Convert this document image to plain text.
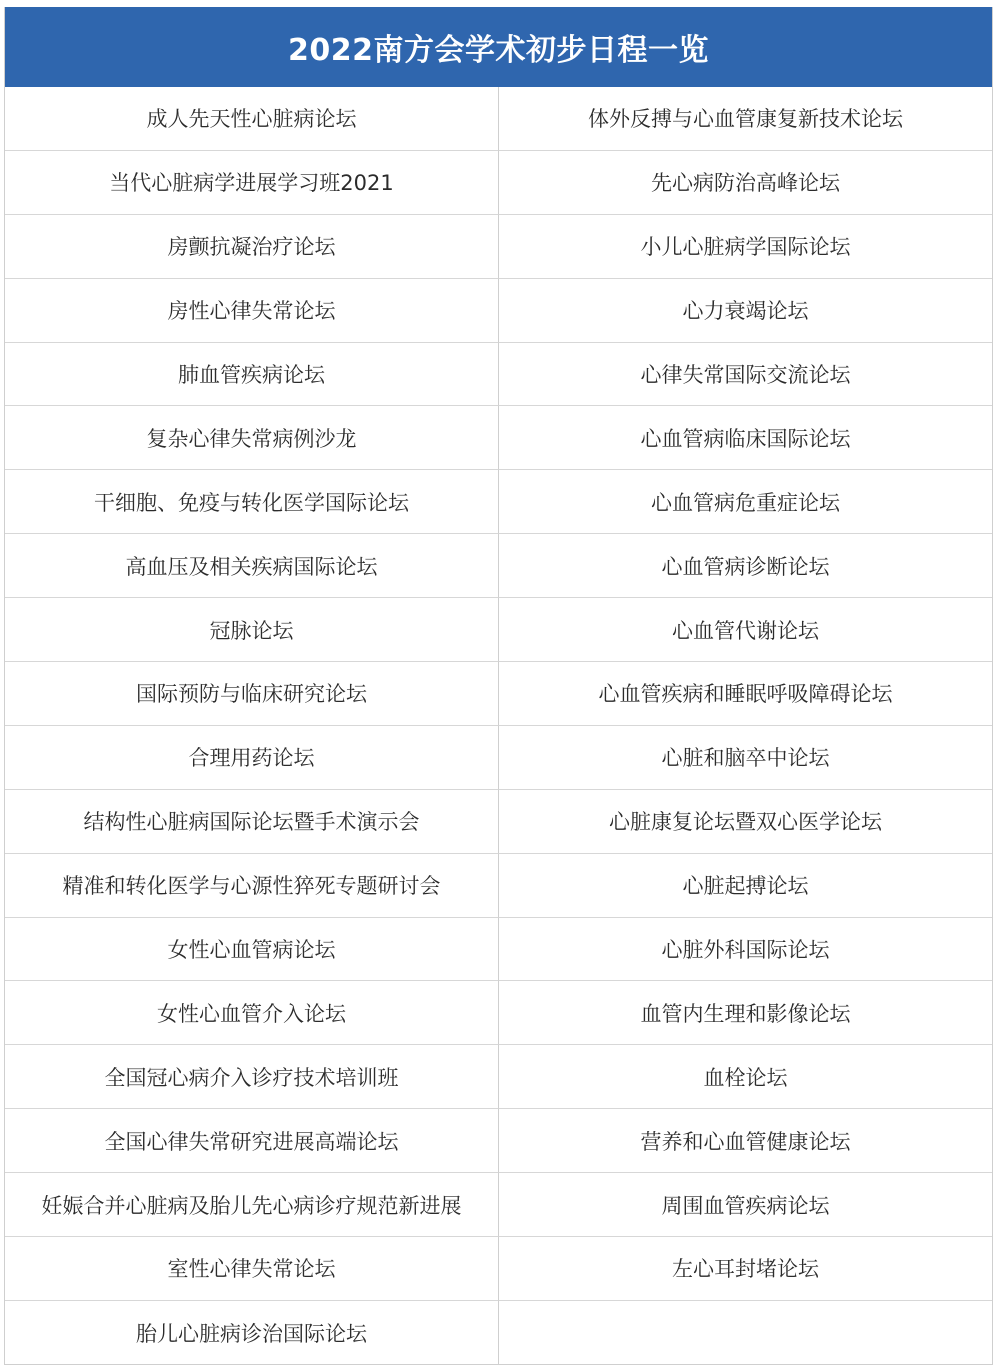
2022南方会学术初步日程一览
成人先天性心脏病论坛	体外反搏与心血管康复新技术论坛
当代心脏病学进展学习班2021	先心病防治高峰论坛
房颤抗凝治疗论坛	小儿心脏病学国际论坛
房性心律失常论坛	心力衰竭论坛
肺血管疾病论坛	心律失常国际交流论坛
复杂心律失常病例沙龙	心血管病临床国际论坛
干细胞、免疫与转化医学国际论坛	心血管病危重症论坛
高血压及相关疾病国际论坛	心血管病诊断论坛
冠脉论坛	心血管代谢论坛
国际预防与临床研究论坛	心血管疾病和睡眠呼吸障碍论坛
合理用药论坛	心脏和脑卒中论坛
结构性心脏病国际论坛暨手术演示会	心脏康复论坛暨双心医学论坛
精准和转化医学与心源性猝死专题研讨会	心脏起搏论坛
女性心血管病论坛	心脏外科国际论坛
女性心血管介入论坛	血管内生理和影像论坛
全国冠心病介入诊疗技术培训班	血栓论坛
全国心律失常研究进展高端论坛	营养和心血管健康论坛
妊娠合并心脏病及胎儿先心病诊疗规范新进展	周围血管疾病论坛
室性心律失常论坛	左心耳封堵论坛
胎儿心脏病诊治国际论坛
